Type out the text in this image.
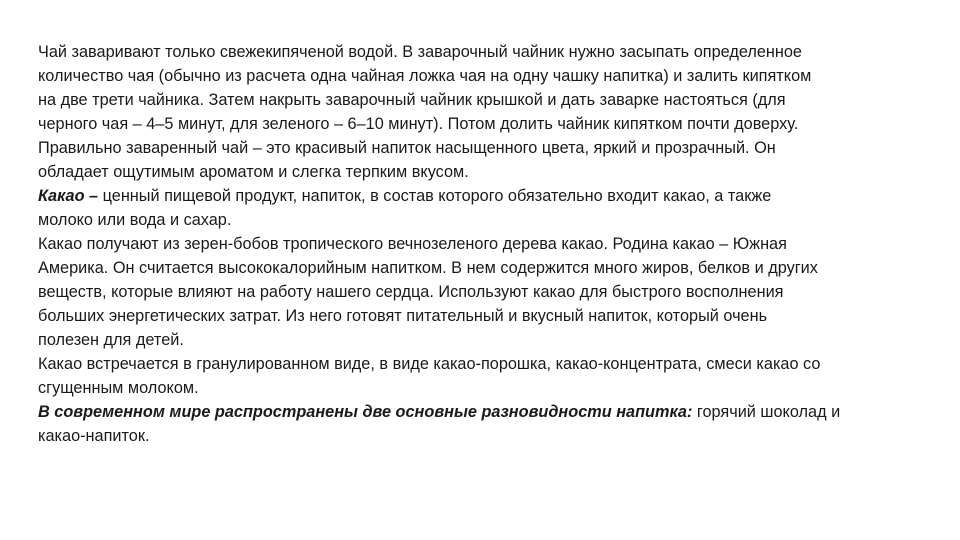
Чай заваривают только свежекипяченой водой. В заварочный чайник нужно засыпать определенное
количество чая (обычно из расчета одна чайная ложка чая на одну чашку напитка) и залить кипятком
на две трети чайника. Затем накрыть заварочный чайник крышкой и дать заварке настояться (для
черного чая – 4–5 минут, для зеленого – 6–10 минут). Потом долить чайник кипятком почти доверху.
Правильно заваренный чай – это красивый напиток насыщенного цвета, яркий и прозрачный. Он
обладает ощутимым ароматом и слегка терпким вкусом.
Какао – ценный пищевой продукт, напиток, в состав которого обязательно входит какао, а также
молоко или вода и сахар.
Какао получают из зерен-бобов тропического вечнозеленого дерева какао. Родина какао – Южная
Америка. Он считается высококалорийным напитком. В нем содержится много жиров, белков и других
веществ, которые влияют на работу нашего сердца. Используют какао для быстрого восполнения
больших энергетических затрат. Из него готовят питательный и вкусный напиток, который очень
полезен для детей.
Какао встречается в гранулированном виде, в виде какао-порошка, какао-концентрата, смеси какао со
сгущенным молоком.
В современном мире распространены две основные разновидности напитка: горячий шоколад и
какао-напиток.
